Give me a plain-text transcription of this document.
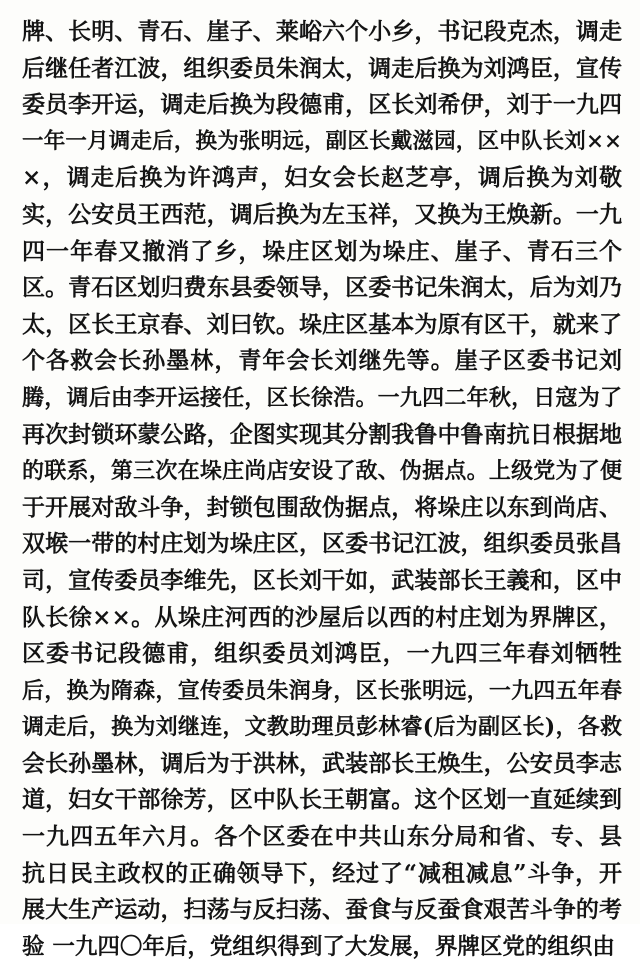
牌、长明、青石、崖子、莱峪六个小乡，书记段克杰，调走
后继任者江波，组织委员朱润太，调走后换为刘鸿臣，宣传
委员李开运，调走后换为段德甫，区长刘希伊，刘于一九四
一年一月调走后，换为张明远，副区长戴滋园，区中队长刘××
×，调走后换为许鸿声，妇女会长赵芝亭，调后换为刘敬
实，公安员王西范，调后换为左玉祥，又换为王焕新。一九
四一年春又撤消了乡，垛庄区划为垛庄、崖子、青石三个
区。青石区划归费东县委领导，区委书记朱润太，后为刘乃
太，区长王京春、刘曰钦。垛庄区基本为原有区干，就来了
个各救会长孙墨林，青年会长刘继先等。崖子区委书记刘
腾，调后由李开运接任，区长徐浩。一九四二年秋，日寇为了
再次封锁环蒙公路，企图实现其分割我鲁中鲁南抗日根据地
的联系，第三次在垛庄尚店安设了敌、伪据点。上级党为了便
于开展对敌斗争，封锁包围敌伪据点，将垛庄以东到尚店、
双堠一带的村庄划为垛庄区，区委书记江波，组织委员张昌
司，宣传委员李维先，区长刘干如，武装部长王義和，区中
队长徐××。从垛庄河西的沙屋后以西的村庄划为界牌区，
区委书记段德甫，组织委员刘鸿臣，一九四三年春刘牺牲
后，换为隋森，宣传委员朱润身，区长张明远，一九四五年春
调走后，换为刘继连，文教助理员彭林睿(后为副区长)，各救
会长孙墨林，调后为于洪林，武装部长王焕生，公安员李志
道，妇女干部徐芳，区中队长王朝富。这个区划一直延续到
一九四五年六月。各个区委在中共山东分局和省、专、县
抗日民主政权的正确领导下，经过了“减租减息”斗争，开
展大生产运动，扫荡与反扫荡、蚕食与反蚕食艰苦斗争的考
验 一九四〇年后，党组织得到了大发展，界牌区党的组织由
